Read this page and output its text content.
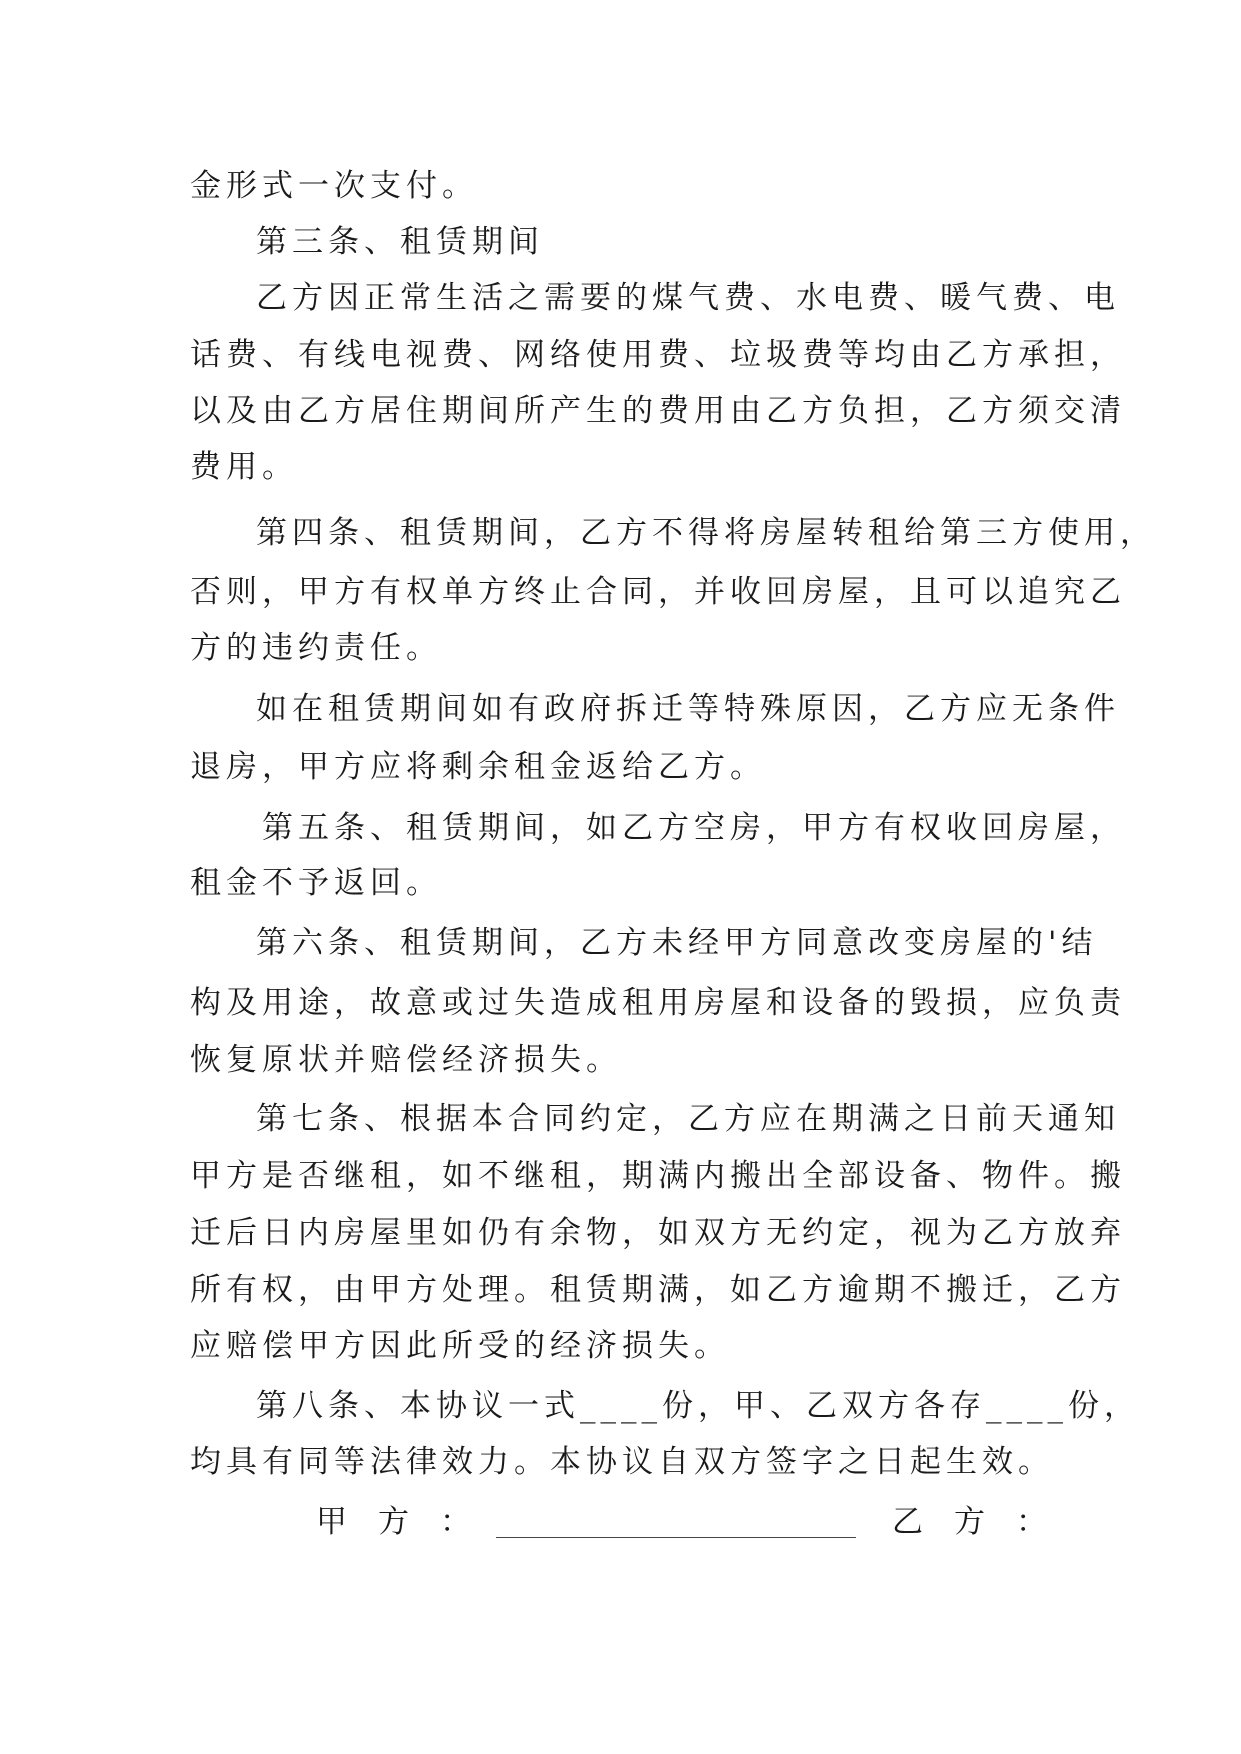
金形式一次支付。
第三条、租赁期间
乙方因正常生活之需要的煤气费、水电费、暖气费、电
话费、有线电视费、网络使用费、垃圾费等均由乙方承担，
以及由乙方居住期间所产生的费用由乙方负担，乙方须交清
费用。
第四条、租赁期间，乙方不得将房屋转租给第三方使用，
否则，甲方有权单方终止合同，并收回房屋，且可以追究乙
方的违约责任。
如在租赁期间如有政府拆迁等特殊原因，乙方应无条件
退房，甲方应将剩余租金返给乙方。
第五条、租赁期间，如乙方空房，甲方有权收回房屋，
租金不予返回。
第六条、租赁期间，乙方未经甲方同意改变房屋的'结
构及用途，故意或过失造成租用房屋和设备的毁损，应负责
恢复原状并赔偿经济损失。
第七条、根据本合同约定，乙方应在期满之日前天通知
甲方是否继租，如不继租，期满内搬出全部设备、物件。搬
迁后日内房屋里如仍有余物，如双方无约定，视为乙方放弃
所有权，由甲方处理。租赁期满，如乙方逾期不搬迁，乙方
应赔偿甲方因此所受的经济损失。
第八条、本协议一式____份，甲、乙双方各存____份，
均具有同等法律效力。本协议自双方签字之日起生效。
甲　方　：	乙　方　：
